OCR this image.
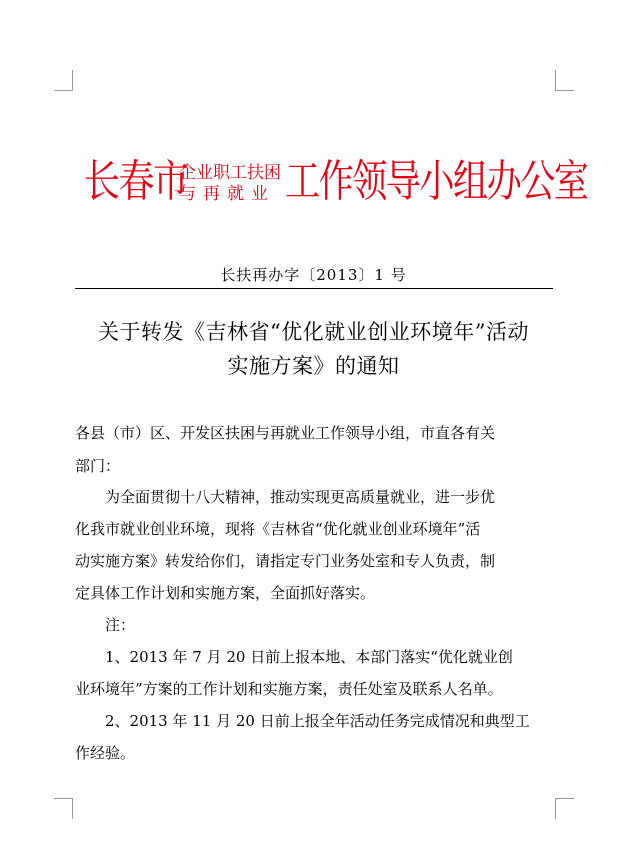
长春市
企业职工扶困
与再就业 工作领导小组办公室
长扶再办字〔2013〕1 号
关于转发《吉林省“优化就业创业环境年”活动
实施方案》的通知
各县（市）区、开发区扶困与再就业工作领导小组，市直各有关
部门：
为全面贯彻十八大精神，推动实现更高质量就业，进一步优
化我市就业创业环境，现将《吉林省“优化就业创业环境年”活
动实施方案》转发给你们，请指定专门业务处室和专人负责，制
定具体工作计划和实施方案，全面抓好落实。
注：
1、2013 年 7 月 20 日前上报本地、本部门落实“优化就业创
业环境年”方案的工作计划和实施方案，责任处室及联系人名单。
2、2013 年 11 月 20 日前上报全年活动任务完成情况和典型工
作经验。
